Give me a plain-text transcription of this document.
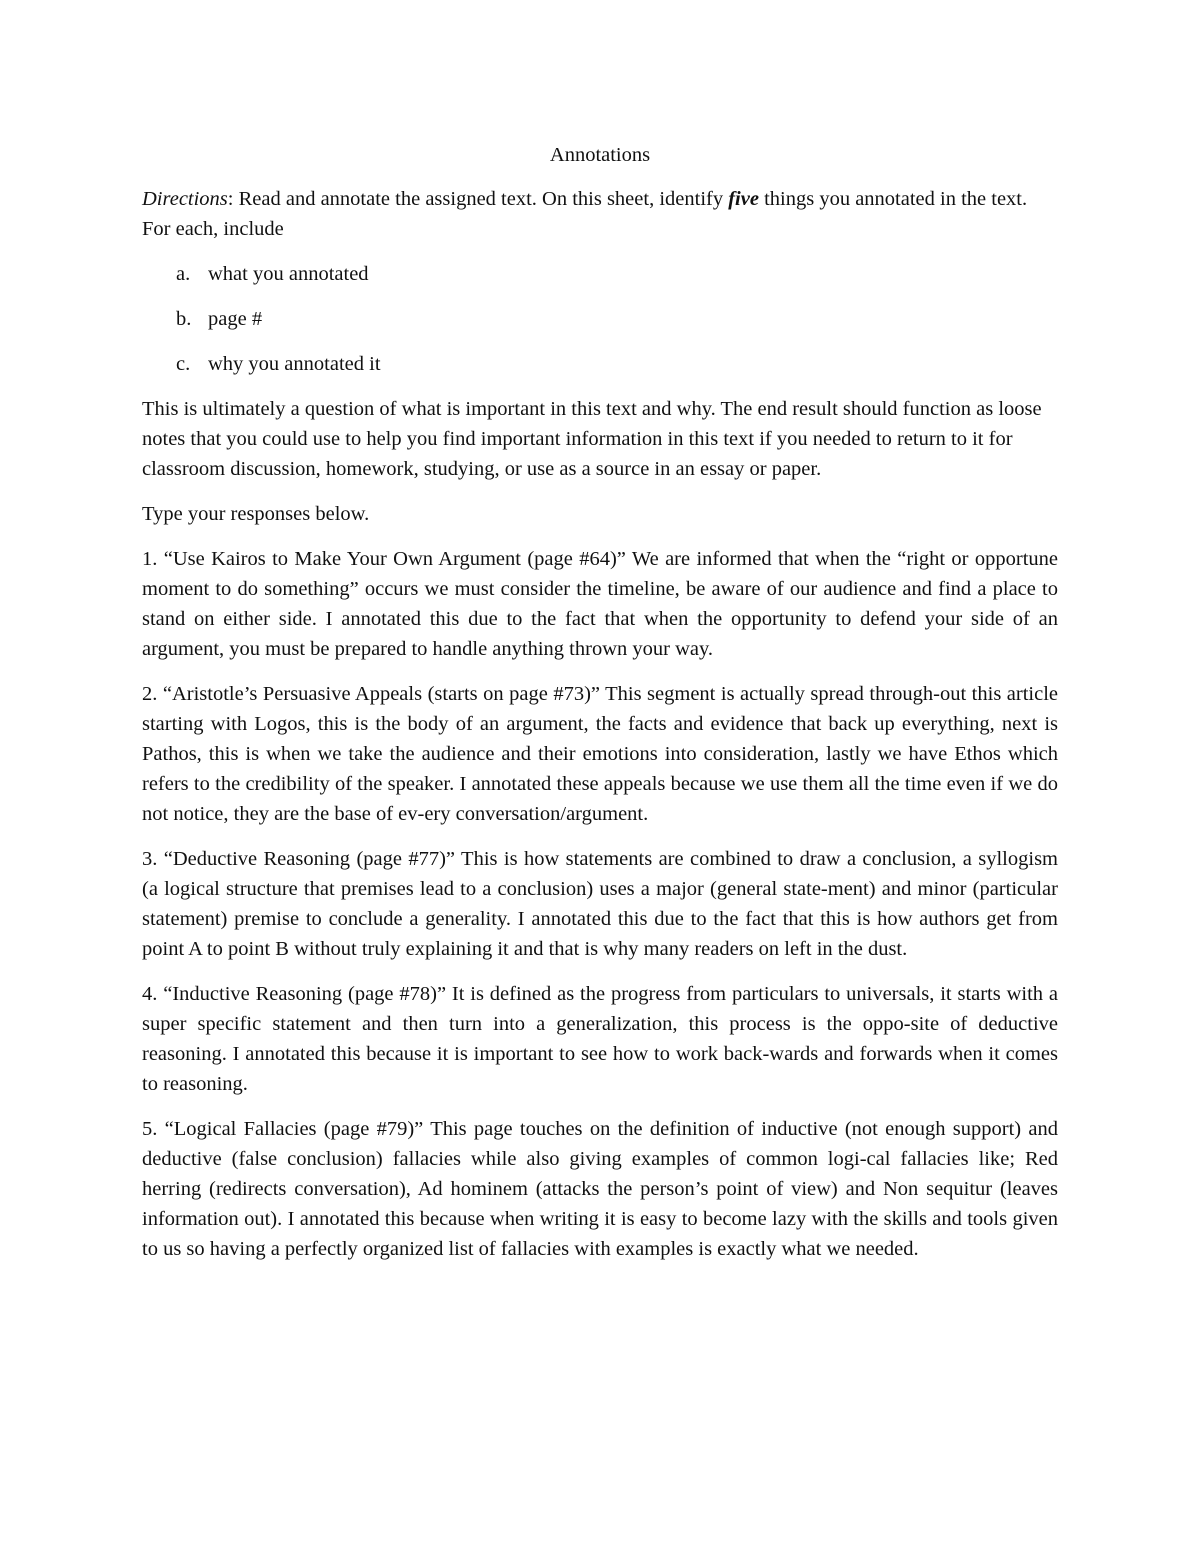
Annotations

Directions: Read and annotate the assigned text. On this sheet, identify five things you annotated in the text. For each, include

a. what you annotated
b. page #
c. why you annotated it

This is ultimately a question of what is important in this text and why. The end result should function as loose notes that you could use to help you find important information in this text if you needed to return to it for classroom discussion, homework, studying, or use as a source in an essay or paper.

Type your responses below.

1. “Use Kairos to Make Your Own Argument (page #64)” We are informed that when the “right or opportune moment to do something” occurs we must consider the timeline, be aware of our audience and find a place to stand on either side. I annotated this due to the fact that when the opportunity to defend your side of an argument, you must be prepared to handle anything thrown your way.

2. “Aristotle’s Persuasive Appeals (starts on page #73)” This segment is actually spread through-out this article starting with Logos, this is the body of an argument, the facts and evidence that back up everything, next is Pathos, this is when we take the audience and their emotions into consideration, lastly we have Ethos which refers to the credibility of the speaker. I annotated these appeals because we use them all the time even if we do not notice, they are the base of ev-ery conversation/argument.

3. “Deductive Reasoning (page #77)” This is how statements are combined to draw a conclusion, a syllogism (a logical structure that premises lead to a conclusion) uses a major (general state-ment) and minor (particular statement) premise to conclude a generality. I annotated this due to the fact that this is how authors get from point A to point B without truly explaining it and that is why many readers on left in the dust.

4. “Inductive Reasoning (page #78)” It is defined as the progress from particulars to universals, it starts with a super specific statement and then turn into a generalization, this process is the oppo-site of deductive reasoning. I annotated this because it is important to see how to work back-wards and forwards when it comes to reasoning.

5. “Logical Fallacies (page #79)” This page touches on the definition of inductive (not enough support) and deductive (false conclusion) fallacies while also giving examples of common logi-cal fallacies like; Red herring (redirects conversation), Ad hominem (attacks the person’s point of view) and Non sequitur (leaves information out). I annotated this because when writing it is easy to become lazy with the skills and tools given to us so having a perfectly organized list of fallacies with examples is exactly what we needed.
